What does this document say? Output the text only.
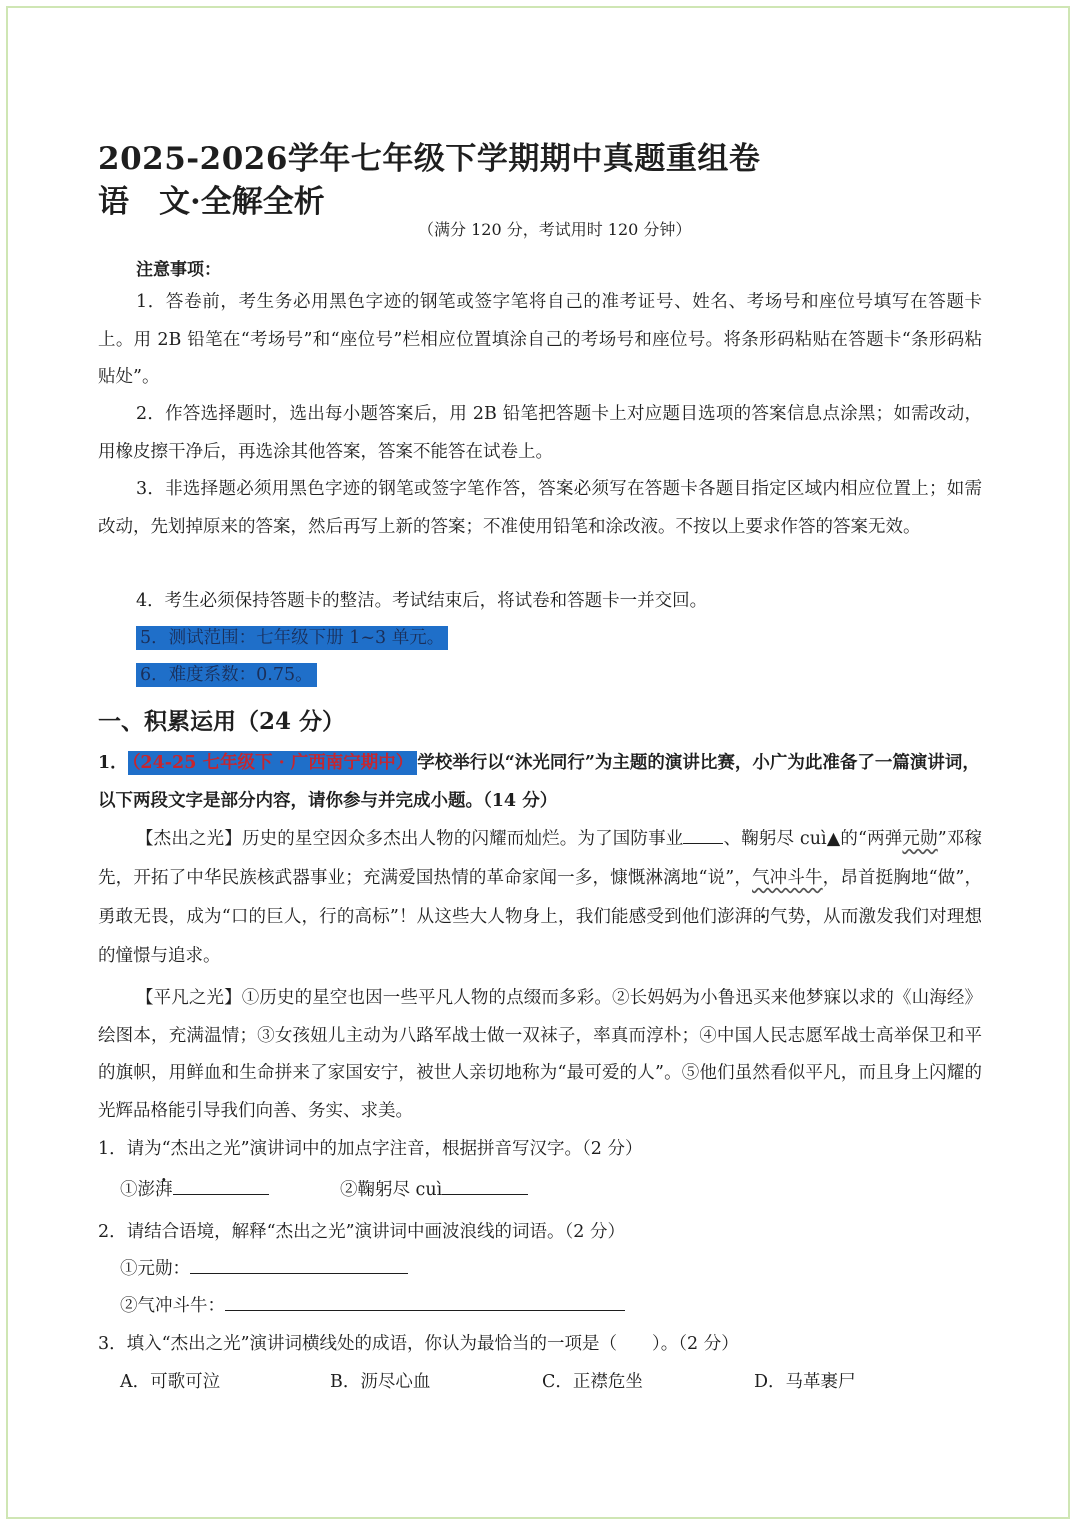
2025-2026学年七年级下学期期中真题重组卷
语 文·全解全析
（满分 120 分，考试用时 120 分钟）
注意事项：

1．答卷前，考生务必用黑色字迹的钢笔或签字笔将自己的准考证号、姓名、考场号和座位号填写在答题卡上。用 2B 铅笔在“考场号”和“座位号”栏相应位置填涂自己的考场号和座位号。将条形码粘贴在答题卡“条形码粘贴处”。

2．作答选择题时，选出每小题答案后，用 2B 铅笔把答题卡上对应题目选项的答案信息点涂黑；如需改动，用橡皮擦干净后，再选涂其他答案，答案不能答在试卷上。

3．非选择题必须用黑色字迹的钢笔或签字笔作答，答案必须写在答题卡各题目指定区域内相应位置上；如需改动，先划掉原来的答案，然后再写上新的答案；不准使用铅笔和涂改液。不按以上要求作答的答案无效。

4．考生必须保持答题卡的整洁。考试结束后，将试卷和答题卡一并交回。

5．测试范围：七年级下册 1~3 单元。

6．难度系数：0.75。

一、积累运用（24 分）

1． （24-25 七年级下 · 广西南宁期中） 学校举行以“沐光同行”为主题的演讲比赛，小广为此准备了一篇演讲词，以下两段文字是部分内容，请你参与并完成小题。（14 分）

【杰出之光】历史的星空因众多杰出人物的闪耀而灿烂。为了国防事业 、鞠躬尽 cuì▲的“两弹元勋”邓稼先，开拓了中华民族核武器事业；充满爱国热情的革命家闻一多，慷慨淋漓地“说”，气冲斗牛，昂首挺胸地“做”，勇敢无畏，成为“口的巨人，行的高标”！从这些大人物身上，我们能感受到他们澎· 湃的气势，从而激发我们对理想的憧憬与追求。

【平凡之光】①历史的星空也因一些平凡人物的点缀而多彩。②长妈妈为小鲁迅买来他梦寐以求的《山海经》绘图本，充满温情；③女孩妞儿主动为八路军战士做一双袜子，率真而淳朴；④中国人民志愿军战士高举保卫和平的旗帜，用鲜血和生命拼来了家国安宁，被世人亲切地称为“最可爱的人”。⑤他们虽然看似平凡，而且身上闪耀的光辉品格能引导我们向善、务实、求美。

1．请为“杰出之光”演讲词中的加点字注音，根据拼音写汉字。（2 分）
①澎湃	②鞠躬尽 cuì
2．请结合语境，解释“杰出之光”演讲词中画波浪线的词语。（2 分）
①元勋：
②气冲斗牛：
3．填入“杰出之光”演讲词横线处的成语，你认为最恰当的一项是（　　）。（2 分）
A．可歌可泣	B．沥尽心血	C．正襟危坐	D．马革裹尸
